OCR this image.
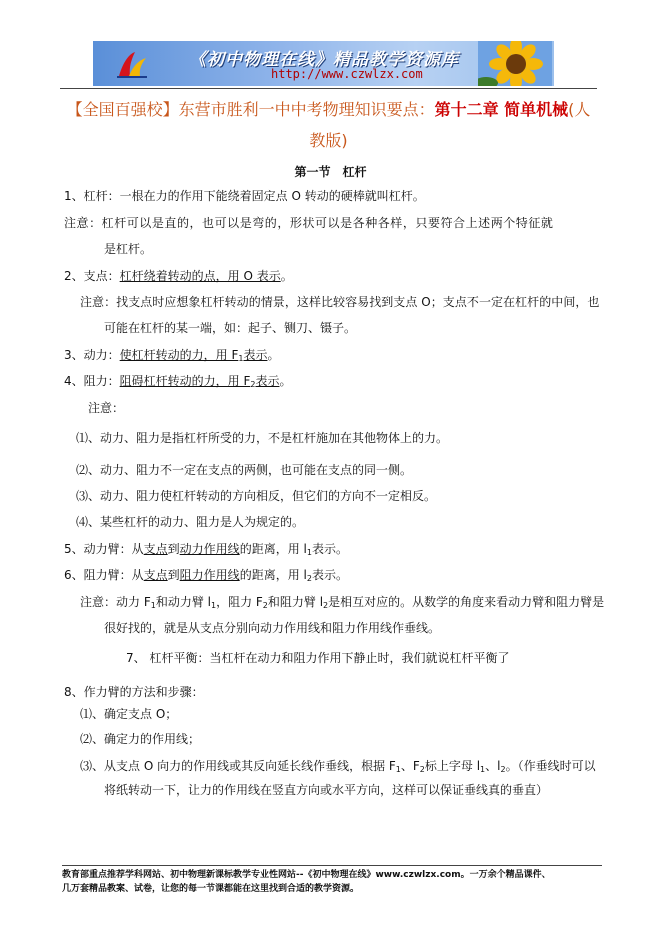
《初中物理在线》精品教学资源库
http://www.czwlzx.com
【全国百强校】东营市胜利一中中考物理知识要点：第十二章 简单机械(人
教版)
第一节　杠杆
1、杠杆：一根在力的作用下能绕着固定点 O 转动的硬棒就叫杠杆。
注意：杠杆可以是直的，也可以是弯的，形状可以是各种各样，只要符合上述两个特征就
是杠杆。
2、支点：杠杆绕着转动的点，用 O 表示。
注意：找支点时应想象杠杆转动的情景，这样比较容易找到支点 O；支点不一定在杠杆的中间，也
可能在杠杆的某一端，如：起子、铡刀、镊子。
3、动力：使杠杆转动的力，用 $F_1$表示。
4、阻力：阻碍杠杆转动的力，用 $F_2$表示。
注意：
⑴、动力、阻力是指杠杆所受的力，不是杠杆施加在其他物体上的力。
⑵、动力、阻力不一定在支点的两侧，也可能在支点的同一侧。
⑶、动力、阻力使杠杆转动的方向相反，但它们的方向不一定相反。
⑷、某些杠杆的动力、阻力是人为规定的。
5、动力臂：从支点到动力作用线的距离，用 $l_1$表示。
6、阻力臂：从支点到阻力作用线的距离，用 $l_2$表示。
注意：动力 $F_1$和动力臂 $l_1$，阻力 $F_2$和阻力臂 $l_2$是相互对应的。从数学的角度来看动力臂和阻力臂是
很好找的，就是从支点分别向动力作用线和阻力作用线作垂线。
7、 杠杆平衡：当杠杆在动力和阻力作用下静止时，我们就说杠杆平衡了
8、作力臂的方法和步骤：
⑴、确定支点 O；
⑵、确定力的作用线；
⑶、从支点 O 向力的作用线或其反向延长线作垂线，根据 $F_1$、$F_2$标上字母 $l_1$、$l_2$。（作垂线时可以
将纸转动一下，让力的作用线在竖直方向或水平方向，这样可以保证垂线真的垂直）
教育部重点推荐学科网站、初中物理新课标教学专业性网站--《初中物理在线》www.czwlzx.com。一万余个精品课件、
几万套精品教案、试卷，让您的每一节课都能在这里找到合适的教学资源。
